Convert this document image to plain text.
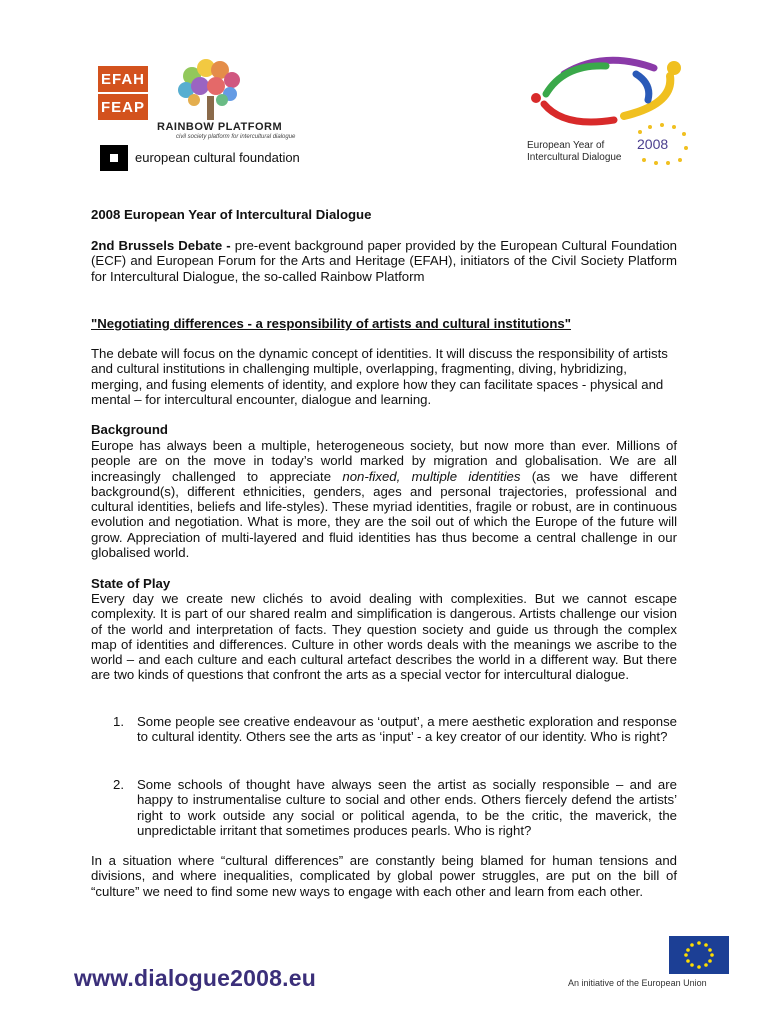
EFAH
FEAP
RAINBOW PLATFORM
civil society platform for intercultural dialogue
european cultural foundation
European Year of
Intercultural Dialogue
2008
2008 European Year of Intercultural Dialogue

2nd Brussels Debate - pre-event background paper provided by the European Cultural Foundation (ECF) and European Forum for the Arts and Heritage (EFAH), initiators of the Civil Society Platform for Intercultural Dialogue, the so-called Rainbow Platform

"Negotiating differences - a responsibility of artists and cultural institutions"

The debate will focus on the dynamic concept of identities. It will discuss the responsibility of artists and cultural institutions in challenging multiple, overlapping, fragmenting, diving, hybridizing, merging, and fusing elements of identity, and explore how they can facilitate spaces - physical and mental – for intercultural encounter, dialogue and learning.

Background

Europe has always been a multiple, heterogeneous society, but now more than ever. Millions of people are on the move in today’s world marked by migration and globalisation. We are all increasingly challenged to appreciate non-fixed, multiple identities (as we have different background(s), different ethnicities, genders, ages and personal trajectories, professional and cultural identities, beliefs and life-styles). These myriad identities, fragile or robust, are in continuous evolution and negotiation. What is more, they are the soil out of which the Europe of the future will grow. Appreciation of multi-layered and fluid identities has thus become a central challenge in our globalised world.

State of Play

Every day we create new clichés to avoid dealing with complexities. But we cannot escape complexity. It is part of our shared realm and simplification is dangerous. Artists challenge our vision of the world and interpretation of facts. They question society and guide us through the complex map of identities and differences. Culture in other words deals with the meanings we ascribe to the world – and each culture and each cultural artefact describes the world in a different way. But there are two kinds of questions that confront the arts as a special vector for intercultural dialogue.

1. Some people see creative endeavour as ‘output’, a mere aesthetic exploration and response to cultural identity. Others see the arts as ‘input’ - a key creator of our identity. Who is right?
2. Some schools of thought have always seen the artist as socially responsible – and are happy to instrumentalise culture to social and other ends. Others fiercely defend the artists’ right to work outside any social or political agenda, to be the critic, the maverick, the unpredictable irritant that sometimes produces pearls. Who is right?

In a situation where “cultural differences” are constantly being blamed for human tensions and divisions, and where inequalities, complicated by global power struggles, are put on the bill of “culture” we need to find some new ways to engage with each other and learn from each other.

www.dialogue2008.eu	An initiative of the European Union
